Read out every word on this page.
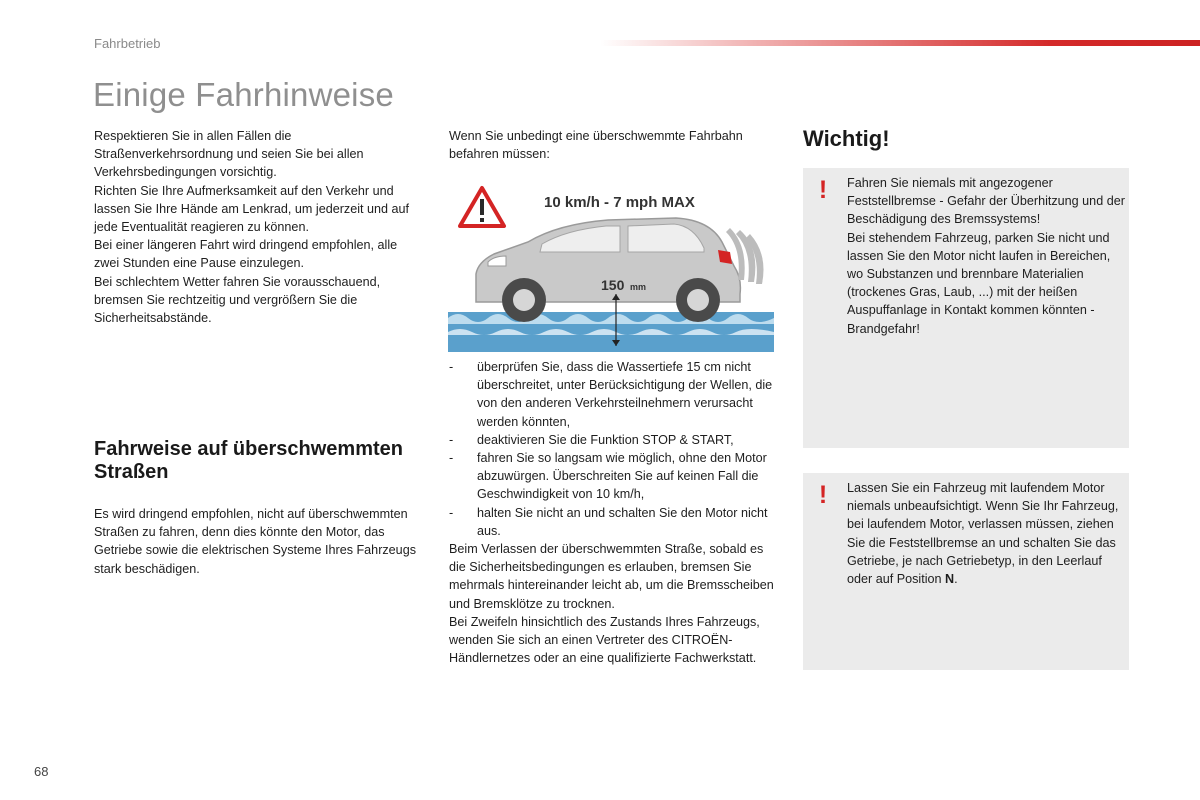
Fahrbetrieb
Einige Fahrhinweise

Respektieren Sie in allen Fällen die Straßenverkehrsordnung und seien Sie bei allen Verkehrsbedingungen vorsichtig.

Richten Sie Ihre Aufmerksamkeit auf den Verkehr und lassen Sie Ihre Hände am Lenkrad, um jederzeit und auf jede Eventualität reagieren zu können.

Bei einer längeren Fahrt wird dringend empfohlen, alle zwei Stunden eine Pause einzulegen.

Bei schlechtem Wetter fahren Sie vorausschauend, bremsen Sie rechtzeitig und vergrößern Sie die Sicherheitsabstände.

Fahrweise auf überschwemmten Straßen

Es wird dringend empfohlen, nicht auf überschwemmten Straßen zu fahren, denn dies könnte den Motor, das Getriebe sowie die elektrischen Systeme Ihres Fahrzeugs stark beschädigen.

Wenn Sie unbedingt eine überschwemmte Fahrbahn befahren müssen:

10 km/h - 7 mph MAX
150 mm
- überprüfen Sie, dass die Wassertiefe 15 cm nicht überschreitet, unter Berücksichtigung der Wellen, die von den anderen Verkehrsteilnehmern verursacht werden könnten,
- deaktivieren Sie die Funktion STOP & START,
- fahren Sie so langsam wie möglich, ohne den Motor abzuwürgen. Überschreiten Sie auf keinen Fall die Geschwindigkeit von 10 km/h,
- halten Sie nicht an und schalten Sie den Motor nicht aus.

Beim Verlassen der überschwemmten Straße, sobald es die Sicherheitsbedingungen es erlauben, bremsen Sie mehrmals hintereinander leicht ab, um die Bremsscheiben und Bremsklötze zu trocknen.

Bei Zweifeln hinsichtlich des Zustands Ihres Fahrzeugs, wenden Sie sich an einen Vertreter des CITROËN-Händlernetzes oder an eine qualifizierte Fachwerkstatt.

Wichtig!
! Fahren Sie niemals mit angezogener Feststellbremse - Gefahr der Überhitzung und der Beschädigung des Bremssystems!

Bei stehendem Fahrzeug, parken Sie nicht und lassen Sie den Motor nicht laufen in Bereichen, wo Substanzen und brennbare Materialien (trockenes Gras, Laub, ...) mit der heißen Auspuffanlage in Kontakt kommen könnten - Brandgefahr!

! Lassen Sie ein Fahrzeug mit laufendem Motor niemals unbeaufsichtigt. Wenn Sie Ihr Fahrzeug, bei laufendem Motor, verlassen müssen, ziehen Sie die Feststellbremse an und schalten Sie das Getriebe, je nach Getriebetyp, in den Leerlauf oder auf Position N.

68
